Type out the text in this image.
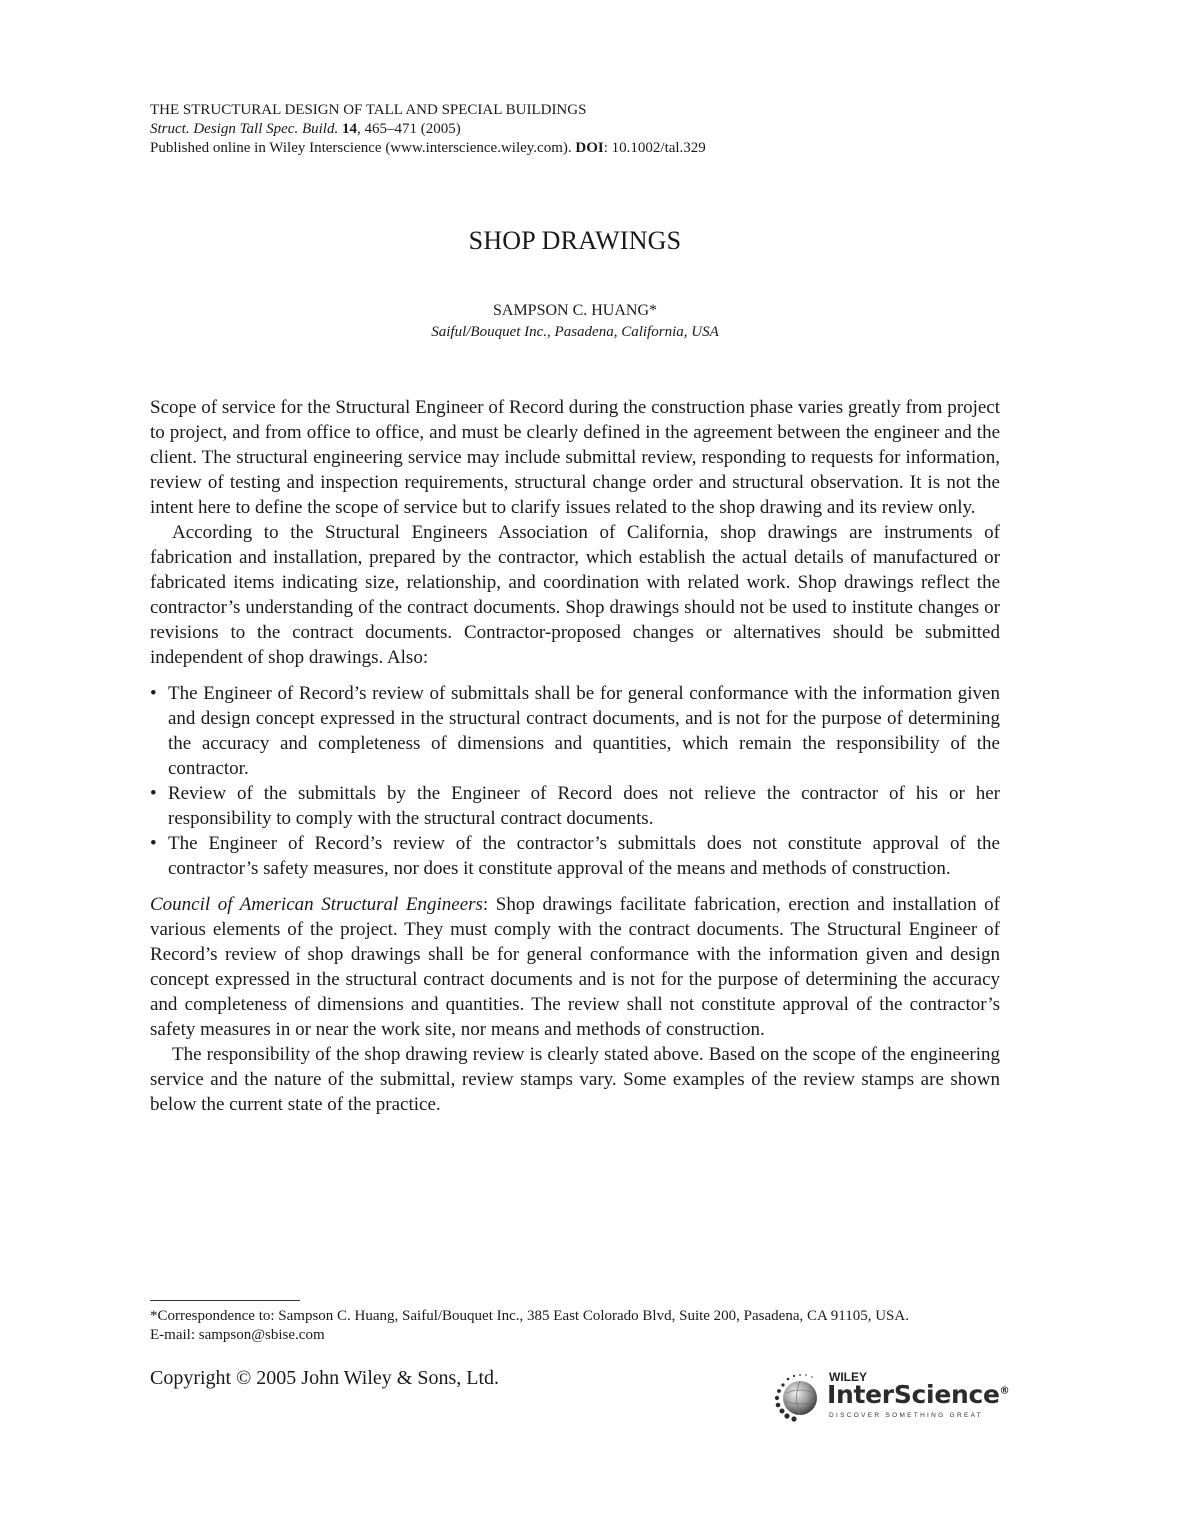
THE STRUCTURAL DESIGN OF TALL AND SPECIAL BUILDINGS
Struct. Design Tall Spec. Build. 14, 465–471 (2005)
Published online in Wiley Interscience (www.interscience.wiley.com). DOI: 10.1002/tal.329
SHOP DRAWINGS
SAMPSON C. HUANG*
Saiful/Bouquet Inc., Pasadena, California, USA

Scope of service for the Structural Engineer of Record during the construction phase varies greatly from project to project, and from office to office, and must be clearly defined in the agreement between the engineer and the client. The structural engineering service may include submittal review, responding to requests for information, review of testing and inspection requirements, structural change order and structural observation. It is not the intent here to define the scope of service but to clarify issues related to the shop drawing and its review only.

According to the Structural Engineers Association of California, shop drawings are instruments of fabrication and installation, prepared by the contractor, which establish the actual details of manufactured or fabricated items indicating size, relationship, and coordination with related work. Shop drawings reflect the contractor’s understanding of the contract documents. Shop drawings should not be used to institute changes or revisions to the contract documents. Contractor-proposed changes or alternatives should be submitted independent of shop drawings. Also:

• The Engineer of Record’s review of submittals shall be for general conformance with the information given and design concept expressed in the structural contract documents, and is not for the purpose of determining the accuracy and completeness of dimensions and quantities, which remain the responsibility of the contractor.
• Review of the submittals by the Engineer of Record does not relieve the contractor of his or her responsibility to comply with the structural contract documents.
• The Engineer of Record’s review of the contractor’s submittals does not constitute approval of the contractor’s safety measures, nor does it constitute approval of the means and methods of construction.

Council of American Structural Engineers: Shop drawings facilitate fabrication, erection and installation of various elements of the project. They must comply with the contract documents. The Structural Engineer of Record’s review of shop drawings shall be for general conformance with the information given and design concept expressed in the structural contract documents and is not for the purpose of determining the accuracy and completeness of dimensions and quantities. The review shall not constitute approval of the contractor’s safety measures in or near the work site, nor means and methods of construction.

The responsibility of the shop drawing review is clearly stated above. Based on the scope of the engineering service and the nature of the submittal, review stamps vary. Some examples of the review stamps are shown below the current state of the practice.

*Correspondence to: Sampson C. Huang, Saiful/Bouquet Inc., 385 East Colorado Blvd, Suite 200, Pasadena, CA 91105, USA.
E-mail: sampson@sbise.com
Copyright © 2005 John Wiley & Sons, Ltd.	WILEY
InterScience®
DISCOVER SOMETHING GREAT
